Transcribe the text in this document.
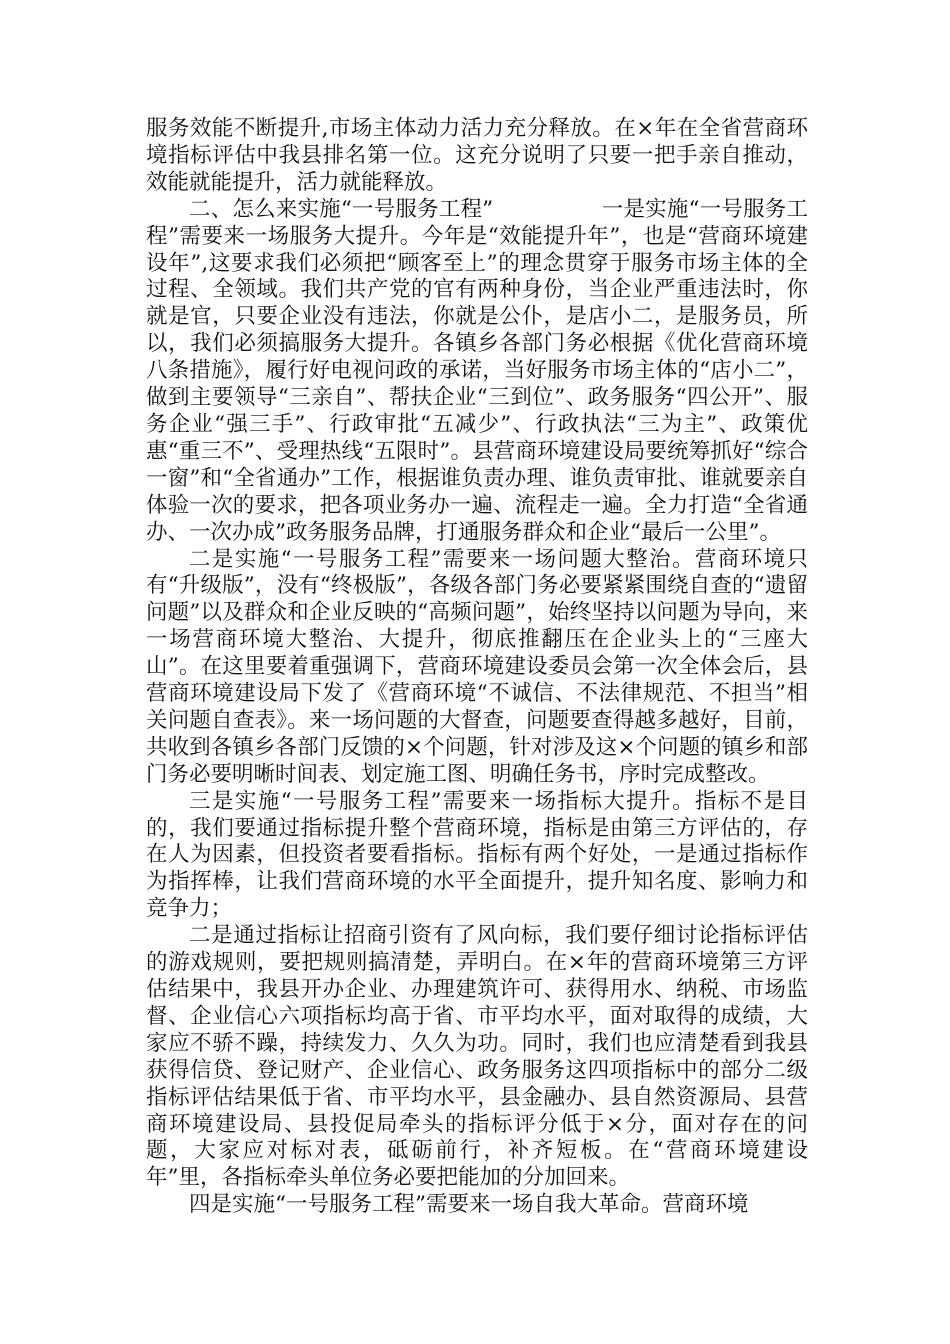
服务效能不断提升,市场主体动力活力充分释放。在×年在全省营商环境指标评估中我县排名第一位。这充分说明了只要一把手亲自推动，效能就能提升，活力就能释放。

二、怎么来实施“一号服务工程”　　　　　一是实施“一号服务工程”需要来一场服务大提升。今年是“效能提升年”，也是“营商环境建设年”,这要求我们必须把“顾客至上”的理念贯穿于服务市场主体的全过程、全领域。我们共产党的官有两种身份，当企业严重违法时，你就是官，只要企业没有违法，你就是公仆，是店小二，是服务员，所以，我们必须搞服务大提升。各镇乡各部门务必根据《优化营商环境八条措施》，履行好电视问政的承诺，当好服务市场主体的“店小二”，做到主要领导“三亲自”、帮扶企业“三到位”、政务服务“四公开”、服务企业“强三手”、行政审批“五减少”、行政执法“三为主”、政策优惠“重三不”、受理热线“五限时”。县营商环境建设局要统筹抓好“综合一窗”和“全省通办”工作，根据谁负责办理、谁负责审批、谁就要亲自体验一次的要求，把各项业务办一遍、流程走一遍。全力打造“全省通办、一次办成”政务服务品牌，打通服务群众和企业“最后一公里”。

二是实施“一号服务工程”需要来一场问题大整治。营商环境只有“升级版”，没有“终极版”，各级各部门务必要紧紧围绕自查的“遗留问题”以及群众和企业反映的“高频问题”，始终坚持以问题为导向，来一场营商环境大整治、大提升，彻底推翻压在企业头上的“三座大山”。在这里要着重强调下，营商环境建设委员会第一次全体会后，县营商环境建设局下发了《营商环境“不诚信、不法律规范、不担当”相关问题自查表》。来一场问题的大督查，问题要查得越多越好，目前，共收到各镇乡各部门反馈的×个问题，针对涉及这×个问题的镇乡和部门务必要明晰时间表、划定施工图、明确任务书，序时完成整改。

三是实施“一号服务工程”需要来一场指标大提升。指标不是目的，我们要通过指标提升整个营商环境，指标是由第三方评估的，存在人为因素，但投资者要看指标。指标有两个好处，一是通过指标作为指挥棒，让我们营商环境的水平全面提升，提升知名度、影响力和竞争力；

二是通过指标让招商引资有了风向标，我们要仔细讨论指标评估的游戏规则，要把规则搞清楚，弄明白。在×年的营商环境第三方评估结果中，我县开办企业、办理建筑许可、获得用水、纳税、市场监督、企业信心六项指标均高于省、市平均水平，面对取得的成绩，大家应不骄不躁，持续发力、久久为功。同时，我们也应清楚看到我县获得信贷、登记财产、企业信心、政务服务这四项指标中的部分二级指标评估结果低于省、市平均水平，县金融办、县自然资源局、县营商环境建设局、县投促局牵头的指标评分低于×分，面对存在的问题，大家应对标对表，砥砺前行，补齐短板。在“营商环境建设年”里，各指标牵头单位务必要把能加的分加回来。

四是实施“一号服务工程”需要来一场自我大革命。营商环境
